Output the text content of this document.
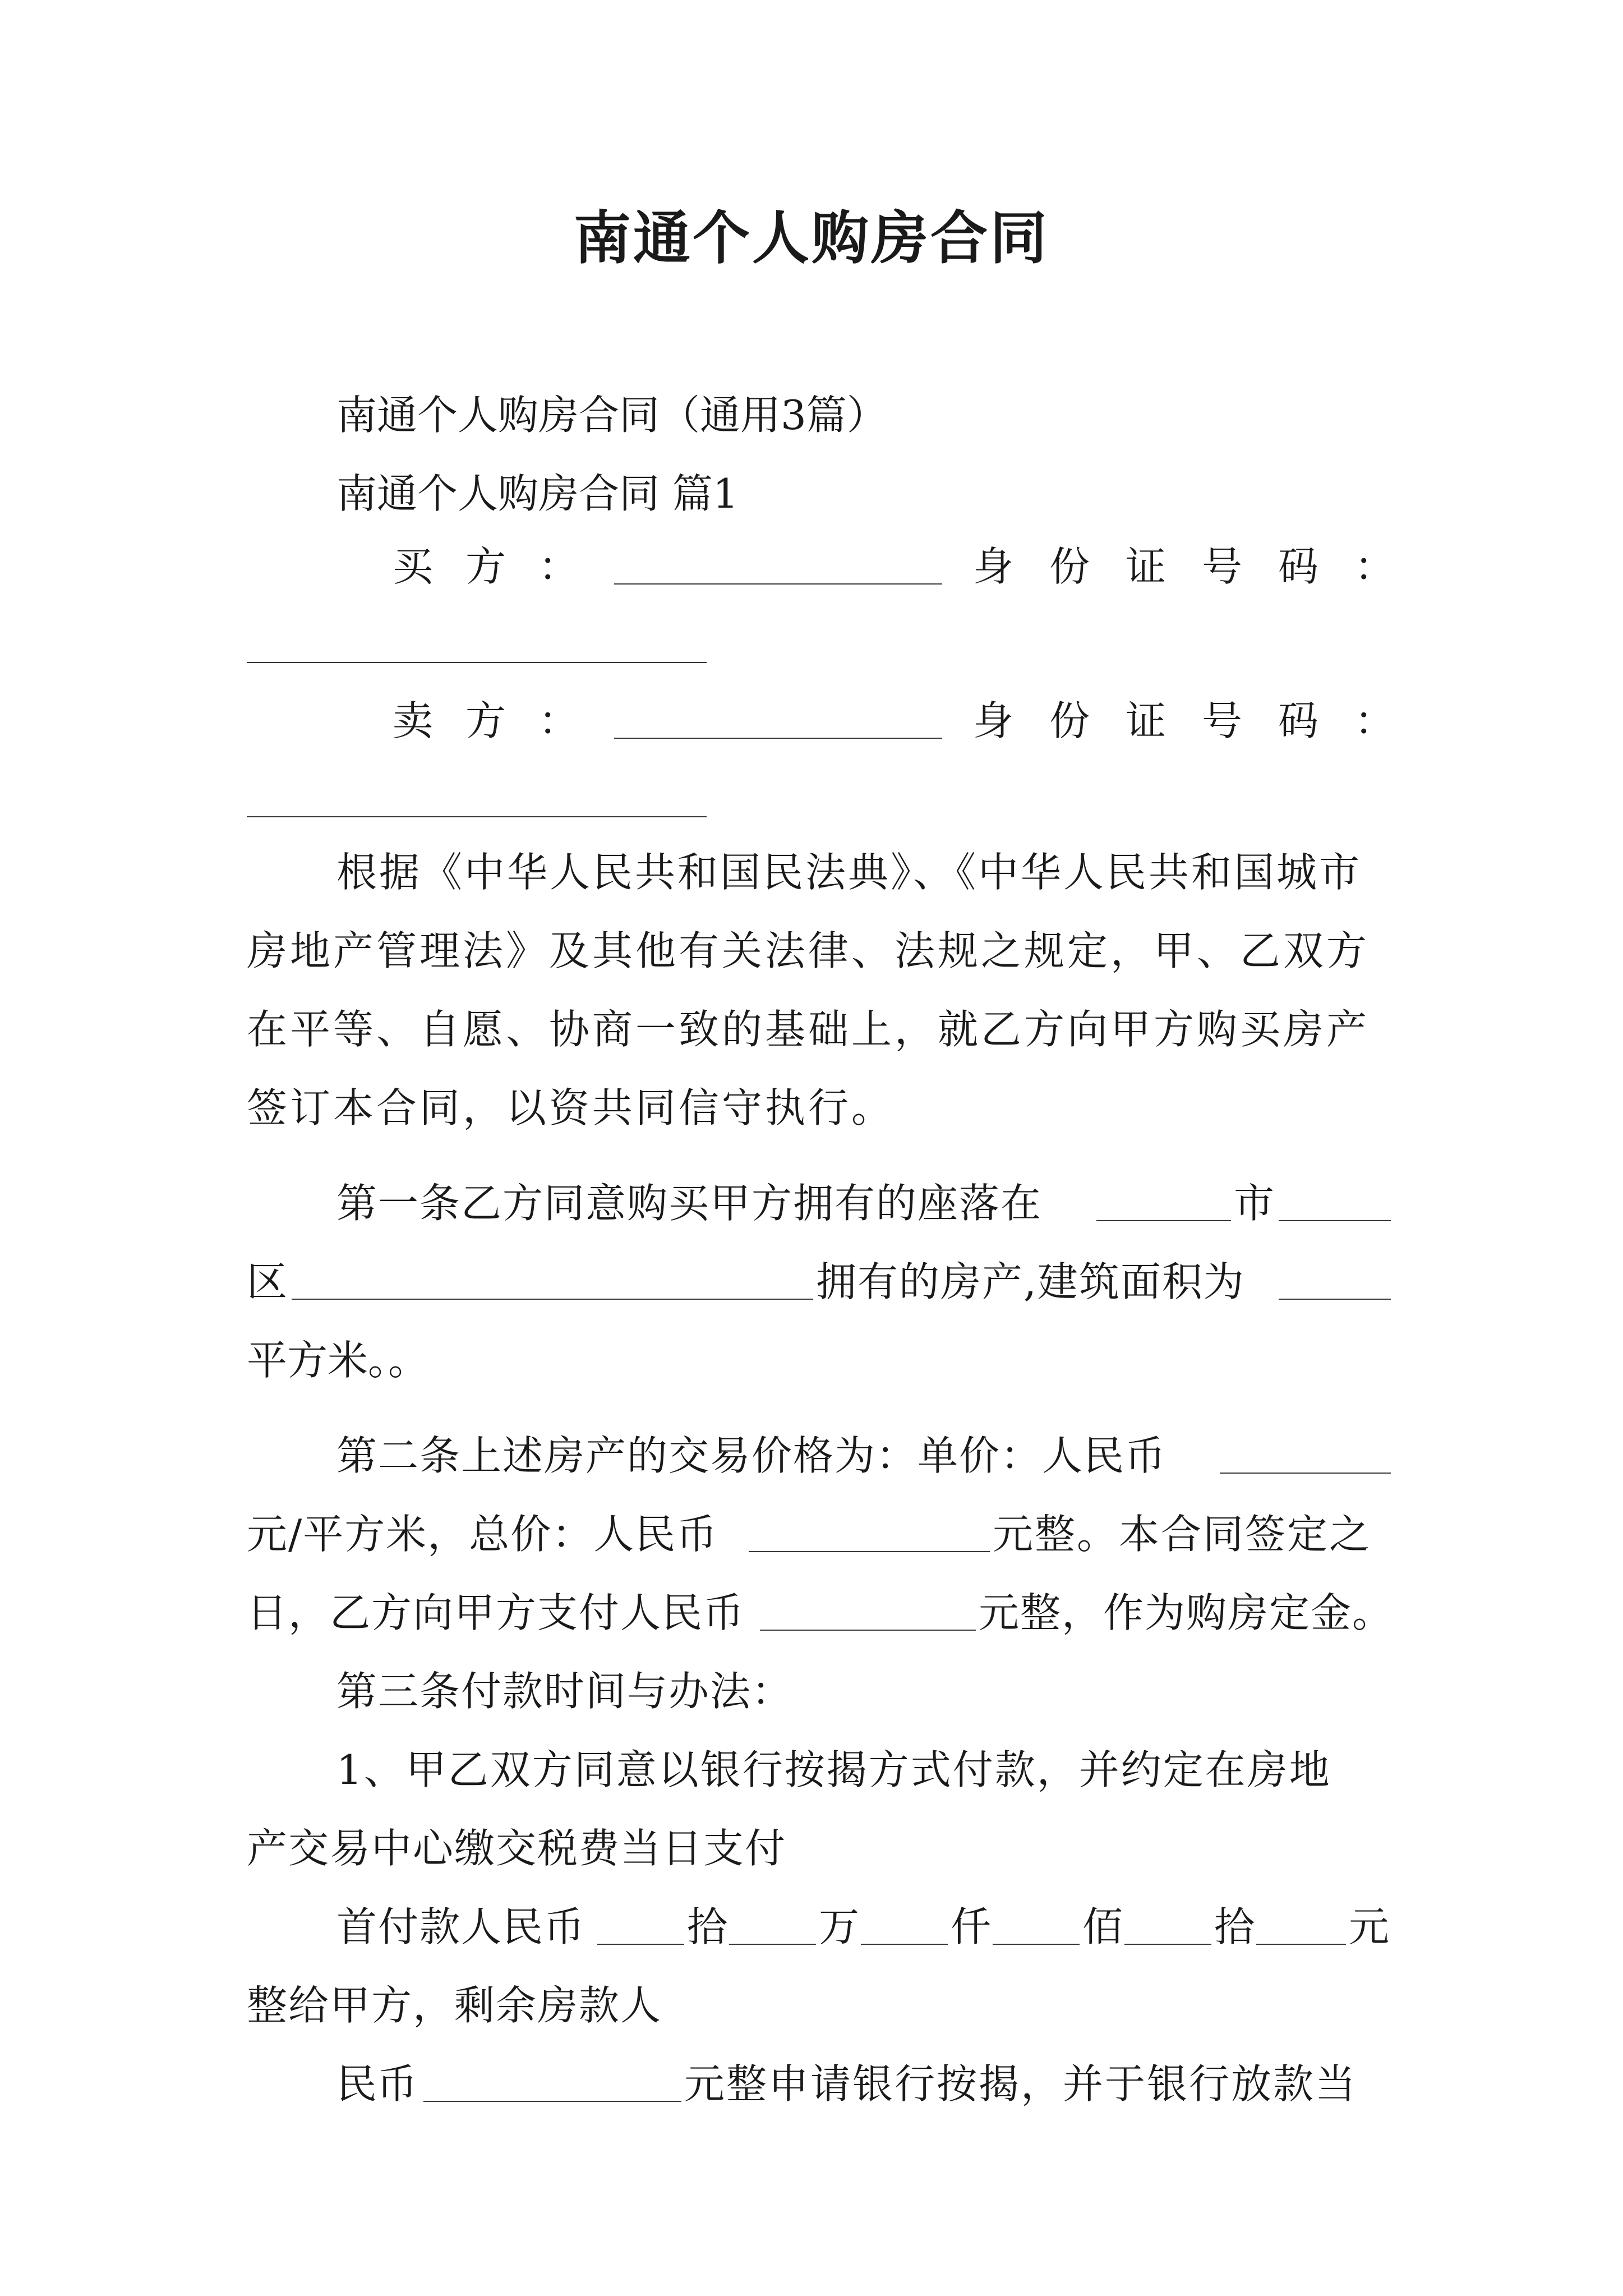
南通个人购房合同
南通个人购房合同（通用3篇）
南通个人购房合同 篇1
买方：	身份证号码：
卖方：	身份证号码：
根据《中华人民共和国民法典》、《中华人民共和国城市
房地产管理法》及其他有关法律、法规之规定，甲、乙双方
在平等、自愿、协商一致的基础上，就乙方向甲方购买房产
签订本合同，以资共同信守执行。
第一条乙方同意购买甲方拥有的座落在	市
区	拥有的房产,建筑面积为
平方米。。
第二条上述房产的交易价格为：单价：人民币
元/平方米，总价：人民币	元整。本合同签定之
日，乙方向甲方支付人民币	元整，作为购房定金。
第三条付款时间与办法：
1、甲乙双方同意以银行按揭方式付款，并约定在房地
产交易中心缴交税费当日支付
首付款人民币	拾 万 仟 佰 拾 元
整给甲方，剩余房款人
民币	元整申请银行按揭，并于银行放款当
